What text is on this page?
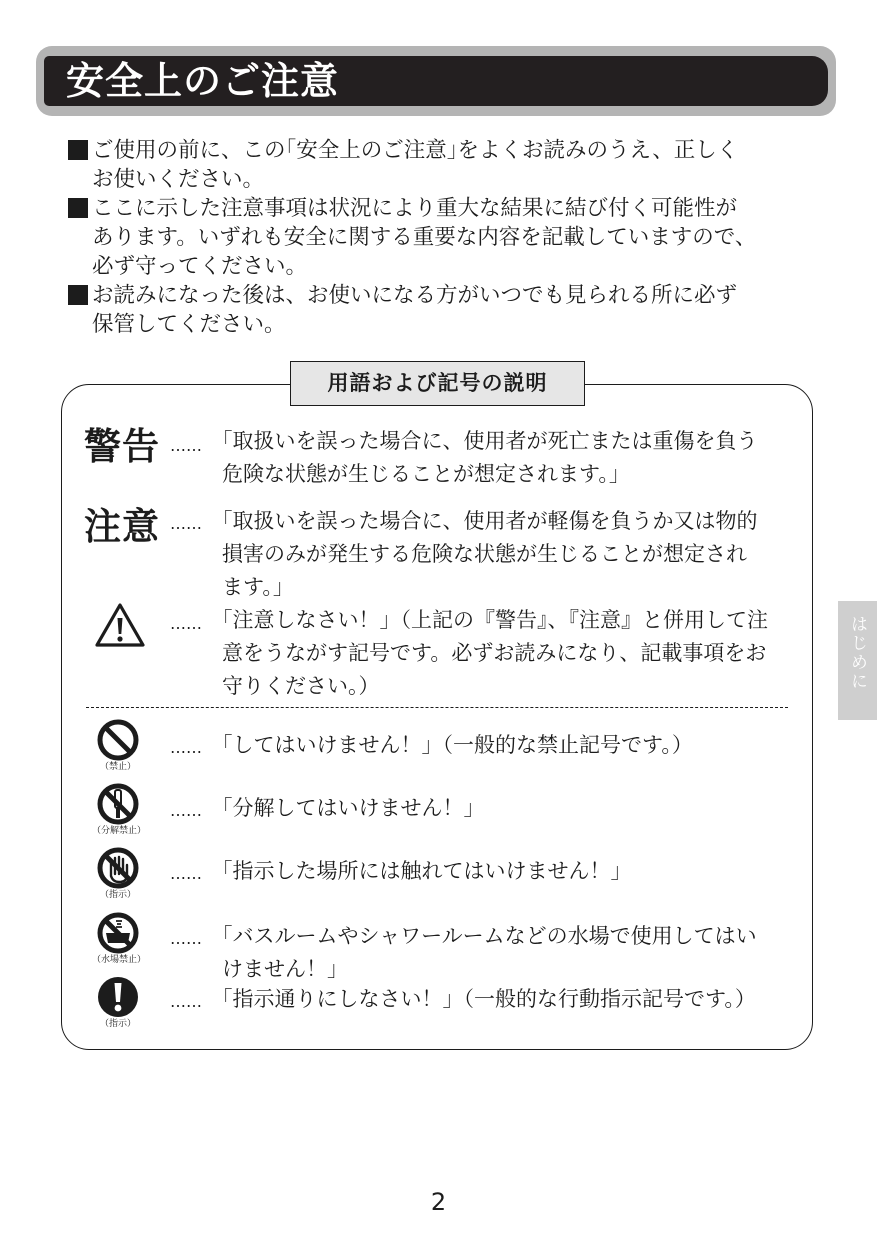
安全上のご注意
ご使用の前に、この｢安全上のご注意｣をよくお読みのうえ、正しく
お使いください。
ここに示した注意事項は状況により重大な結果に結び付く可能性が
あります。いずれも安全に関する重要な内容を記載していますので、
必ず守ってください。
お読みになった後は、お使いになる方がいつでも見られる所に必ず
保管してください。
用語および記号の説明
警告 …… ｢取扱いを誤った場合に、使用者が死亡または重傷を負う
危険な状態が生じることが想定されます。｣
注意 …… ｢取扱いを誤った場合に、使用者が軽傷を負うか又は物的
損害のみが発生する危険な状態が生じることが想定され
ます。｣
…… ｢注意しなさい！｣（上記の『警告』、『注意』と併用して注
意をうながす記号です。必ずお読みになり、記載事項をお
守りください。）
（禁止）
…… ｢してはいけません！｣（一般的な禁止記号です。）
（分解禁止）
…… ｢分解してはいけません！｣
（指示）
…… ｢指示した場所には触れてはいけません！｣
（水場禁止）
…… ｢バスルームやシャワールームなどの水場で使用してはい
けません！｣
（指示）
…… ｢指示通りにしなさい！｣（一般的な行動指示記号です。）
はじめに
2
